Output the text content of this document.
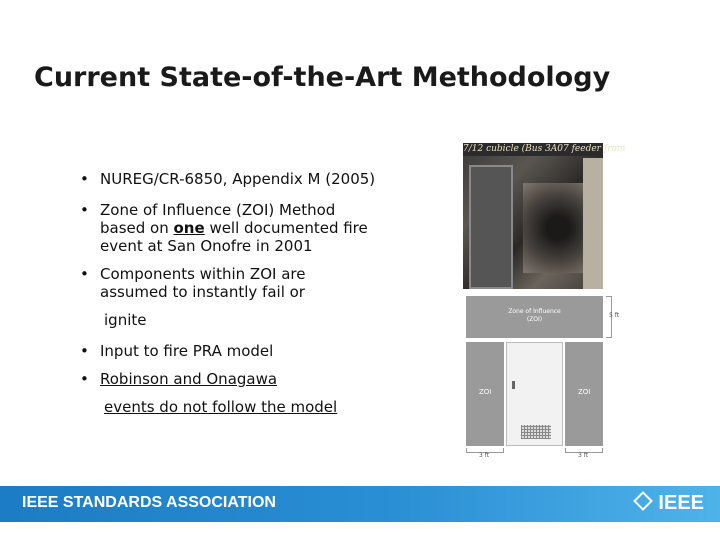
Current State-of-the-Art Methodology
• NUREG/CR-6850, Appendix M (2005)
• Zone of Influence (ZOI) Method
based on one well documented fire
event at San Onofre in 2001
• Components within ZOI are
assumed to instantly fail or
ignite
• Input to fire PRA model
• Robinson and Onagawa
events do not follow the model
7/12 cubicle (Bus 3A07 feeder from
Zone of Influence
(ZOI)
ZOI	ZOI
5 ft
3 ft	3 ft
IEEE STANDARDS ASSOCIATION	IEEE
